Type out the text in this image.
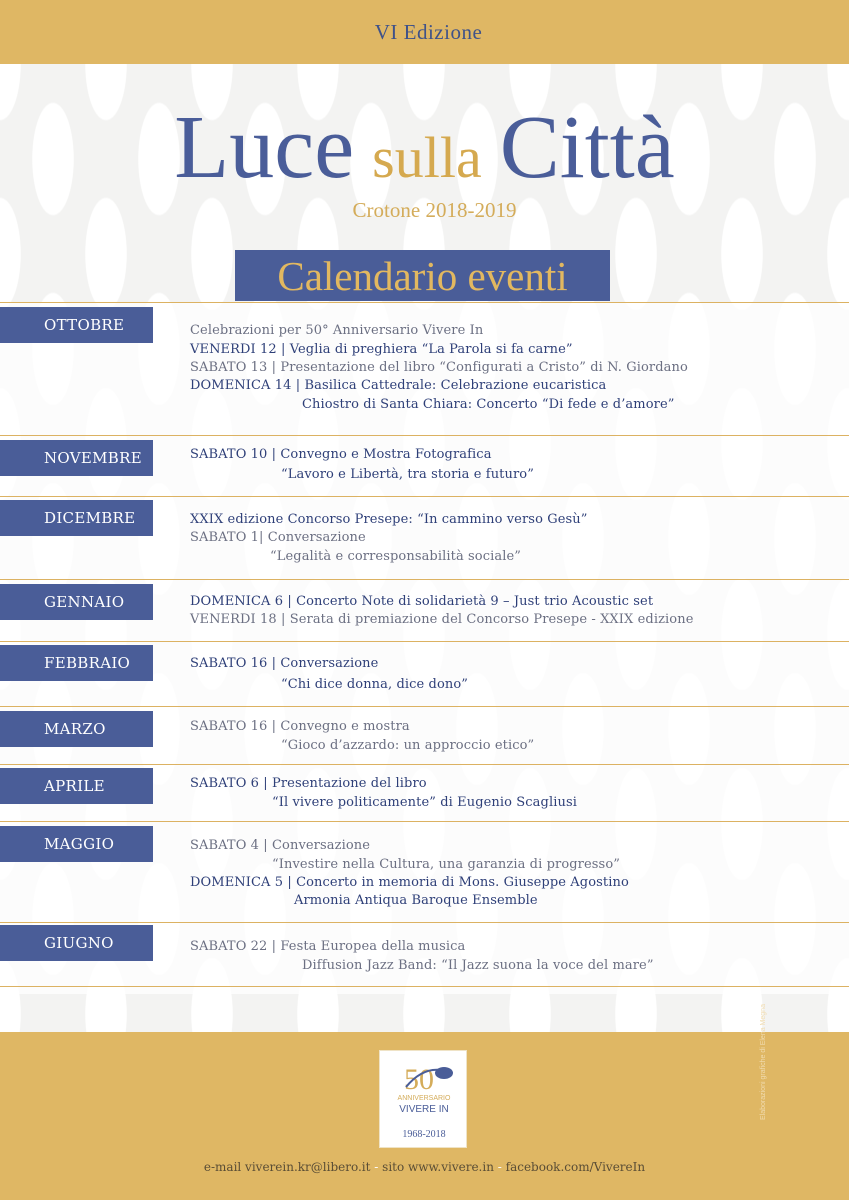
VI Edizione
Luce sulla Città
Crotone 2018-2019
Calendario eventi
OTTOBRE	Celebrazioni per 50° Anniversario Vivere In
VENERDI 12 | Veglia di preghiera “La Parola si fa carne”
SABATO 13 | Presentazione del libro “Configurati a Cristo” di N. Giordano
DOMENICA 14 | Basilica Cattedrale: Celebrazione eucaristica
Chiostro di Santa Chiara: Concerto “Di fede e d’amore”
NOVEMBRE	SABATO 10 | Convegno e Mostra Fotografica
“Lavoro e Libertà, tra storia e futuro”
DICEMBRE	XXIX edizione Concorso Presepe: “In cammino verso Gesù”
SABATO 1| Conversazione
“Legalità e corresponsabilità sociale”
GENNAIO	DOMENICA 6 | Concerto Note di solidarietà 9 – Just trio Acoustic set
VENERDI 18 | Serata di premiazione del Concorso Presepe - XXIX edizione
FEBBRAIO	SABATO 16 | Conversazione
“Chi dice donna, dice dono”
MARZO	SABATO 16 | Convegno e mostra
“Gioco d’azzardo: un approccio etico”
APRILE	SABATO 6 | Presentazione del libro
“Il vivere politicamente” di Eugenio Scagliusi
MAGGIO	SABATO 4 | Conversazione
“Investire nella Cultura, una garanzia di progresso”
DOMENICA 5 | Concerto in memoria di Mons. Giuseppe Agostino
Armonia Antiqua Baroque Ensemble
GIUGNO	SABATO 22 | Festa Europea della musica
Diffusion Jazz Band: “Il Jazz suona la voce del mare”
50
ANNIVERSARIO
VIVERE IN
1968-2018
e-mail viverein.kr@libero.it - sito www.vivere.in - facebook.com/VivereIn
Elaborazioni grafiche di Elena Megna
